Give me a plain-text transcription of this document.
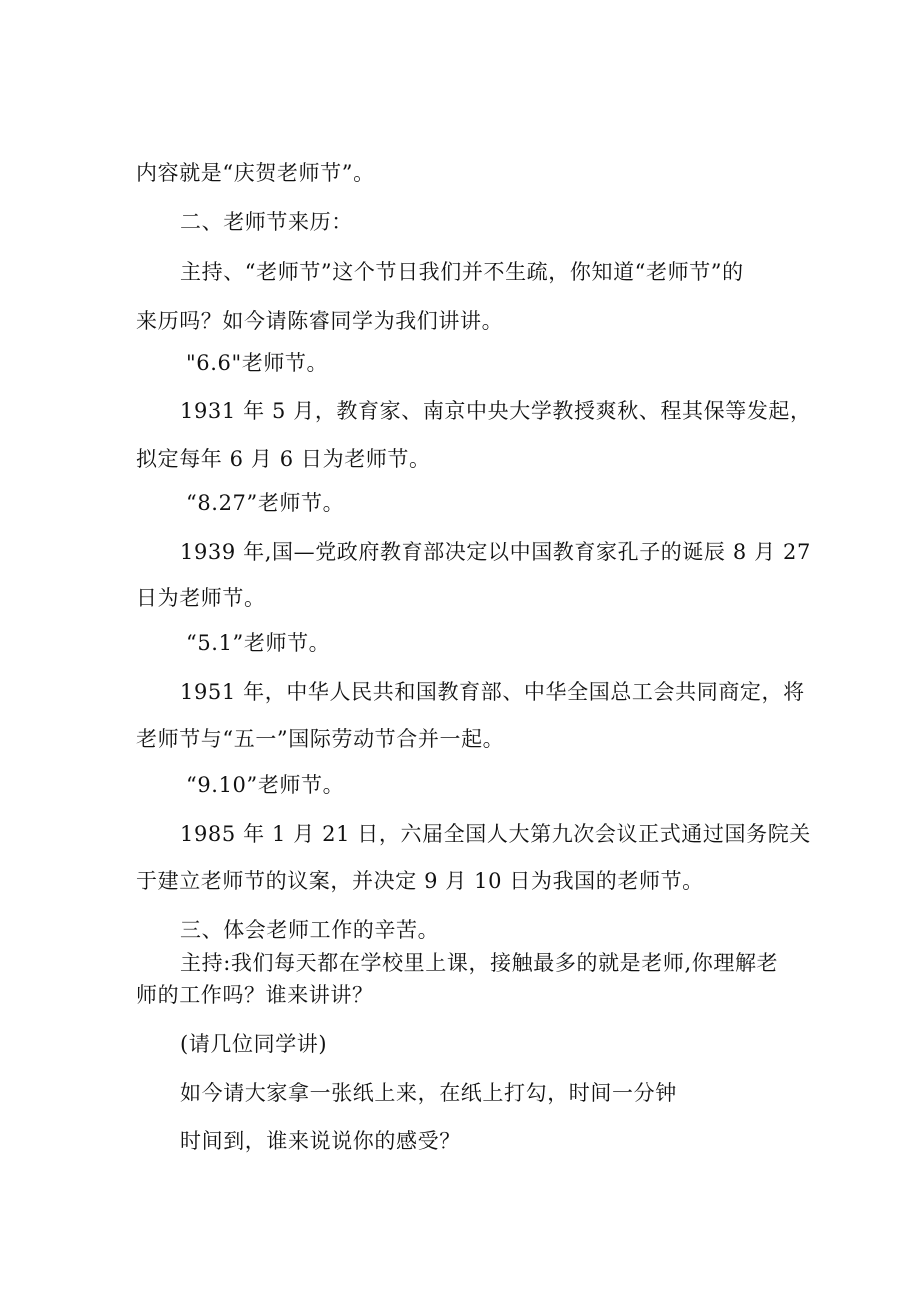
内容就是“庆贺老师节”。
二、老师节来历：
主持、“老师节”这个节日我们并不生疏，你知道“老师节”的
来历吗？如今请陈睿同学为我们讲讲。
"6.6"老师节。
1931 年 5 月，教育家、南京中央大学教授爽秋、程其保等发起，
拟定每年 6 月 6 日为老师节。
“8.27”老师节。
1939 年,国—党政府教育部决定以中国教育家孔子的诞辰 8 月 27
日为老师节。
“5.1”老师节。
1951 年，中华人民共和国教育部、中华全国总工会共同商定，将
老师节与“五一”国际劳动节合并一起。
“9.10”老师节。
1985 年 1 月 21 日，六届全国人大第九次会议正式通过国务院关
于建立老师节的议案，并决定 9 月 10 日为我国的老师节。
三、体会老师工作的辛苦。
主持:我们每天都在学校里上课，接触最多的就是老师,你理解老
师的工作吗？谁来讲讲？
(请几位同学讲)
如今请大家拿一张纸上来，在纸上打勾，时间一分钟
时间到，谁来说说你的感受？
